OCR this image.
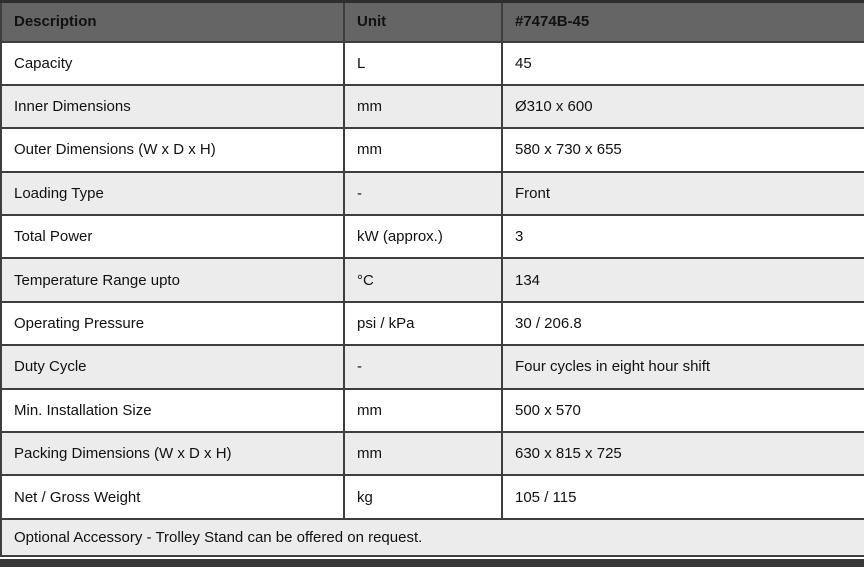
Description	Unit	#7474B-45
Capacity	L	45
Inner Dimensions	mm	Ø310 x 600
Outer Dimensions (W x D x H)	mm	580 x 730 x 655
Loading Type	-	Front
Total Power	kW (approx.)	3
Temperature Range upto	°C	134
Operating Pressure	psi / kPa	30 / 206.8
Duty Cycle	-	Four cycles in eight hour shift
Min. Installation Size	mm	500 x 570
Packing Dimensions (W x D x H)	mm	630 x 815 x 725
Net / Gross Weight	kg	105 / 115
Optional Accessory - Trolley Stand can be offered on request.		
